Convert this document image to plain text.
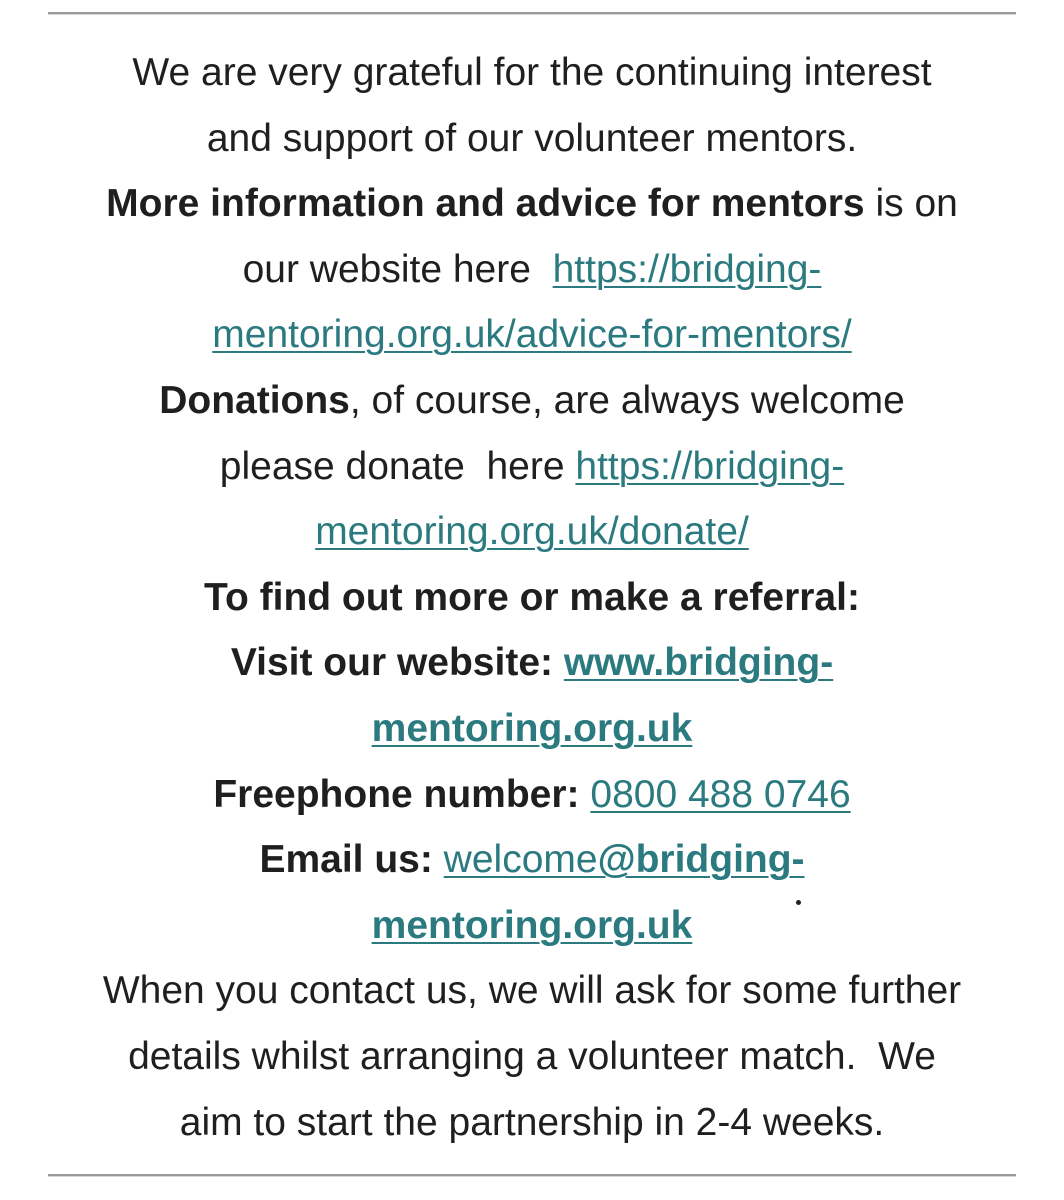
We are very grateful for the continuing interest
and support of our volunteer mentors.

More information and advice for mentors is on
our website here  https://bridging-
mentoring.org.uk/advice-for-mentors/

Donations, of course, are always welcome
please donate  here https://bridging-
mentoring.org.uk/donate/

To find out more or make a referral:
Visit our website: www.bridging-
mentoring.org.uk
Freephone number: 0800 488 0746
Email us: welcome@bridging-
mentoring.org.uk

When you contact us, we will ask for some further
details whilst arranging a volunteer match.  We
aim to start the partnership in 2-4 weeks.
